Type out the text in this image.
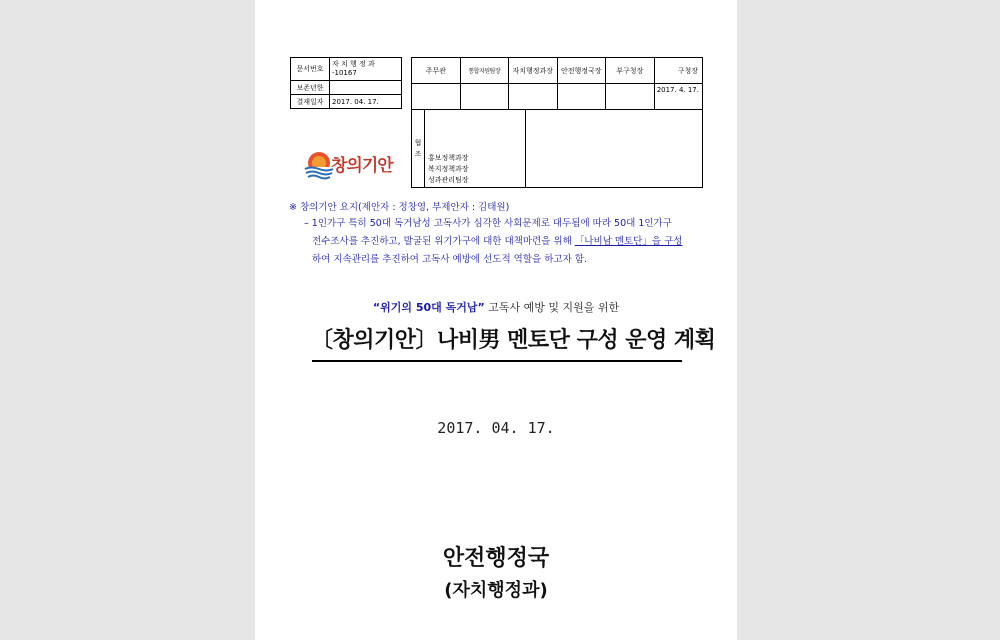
문서번호	자 치 행 정 과 -10167
보존년한	
결재일자	2017. 04. 17.
주무관	통합지원팀장	자치행정과장	안전행정국장	부구청장	구청장
					2017. 4. 17.
협
조	
홍보정책과장
복지정책과장
성과관리팀장

창의기안
※ 창의기안 요지(제안자 : 정창영, 부제안자 : 김태원)
– 1인가구 특히 50대 독거남성 고독사가 심각한 사회문제로 대두됨에 따라 50대 1인가구
전수조사를 추진하고, 발굴된 위기가구에 대한 대책마련을 위해 「나비남 멘토단」을 구성
하여 지속관리를 추진하여 고독사 예방에 선도적 역할을 하고자 함.
“위기의 50대 독거남” 고독사 예방 및 지원을 위한
〔창의기안〕나비男 멘토단 구성 운영 계획
2017. 04. 17.
안전행정국
(자치행정과)
